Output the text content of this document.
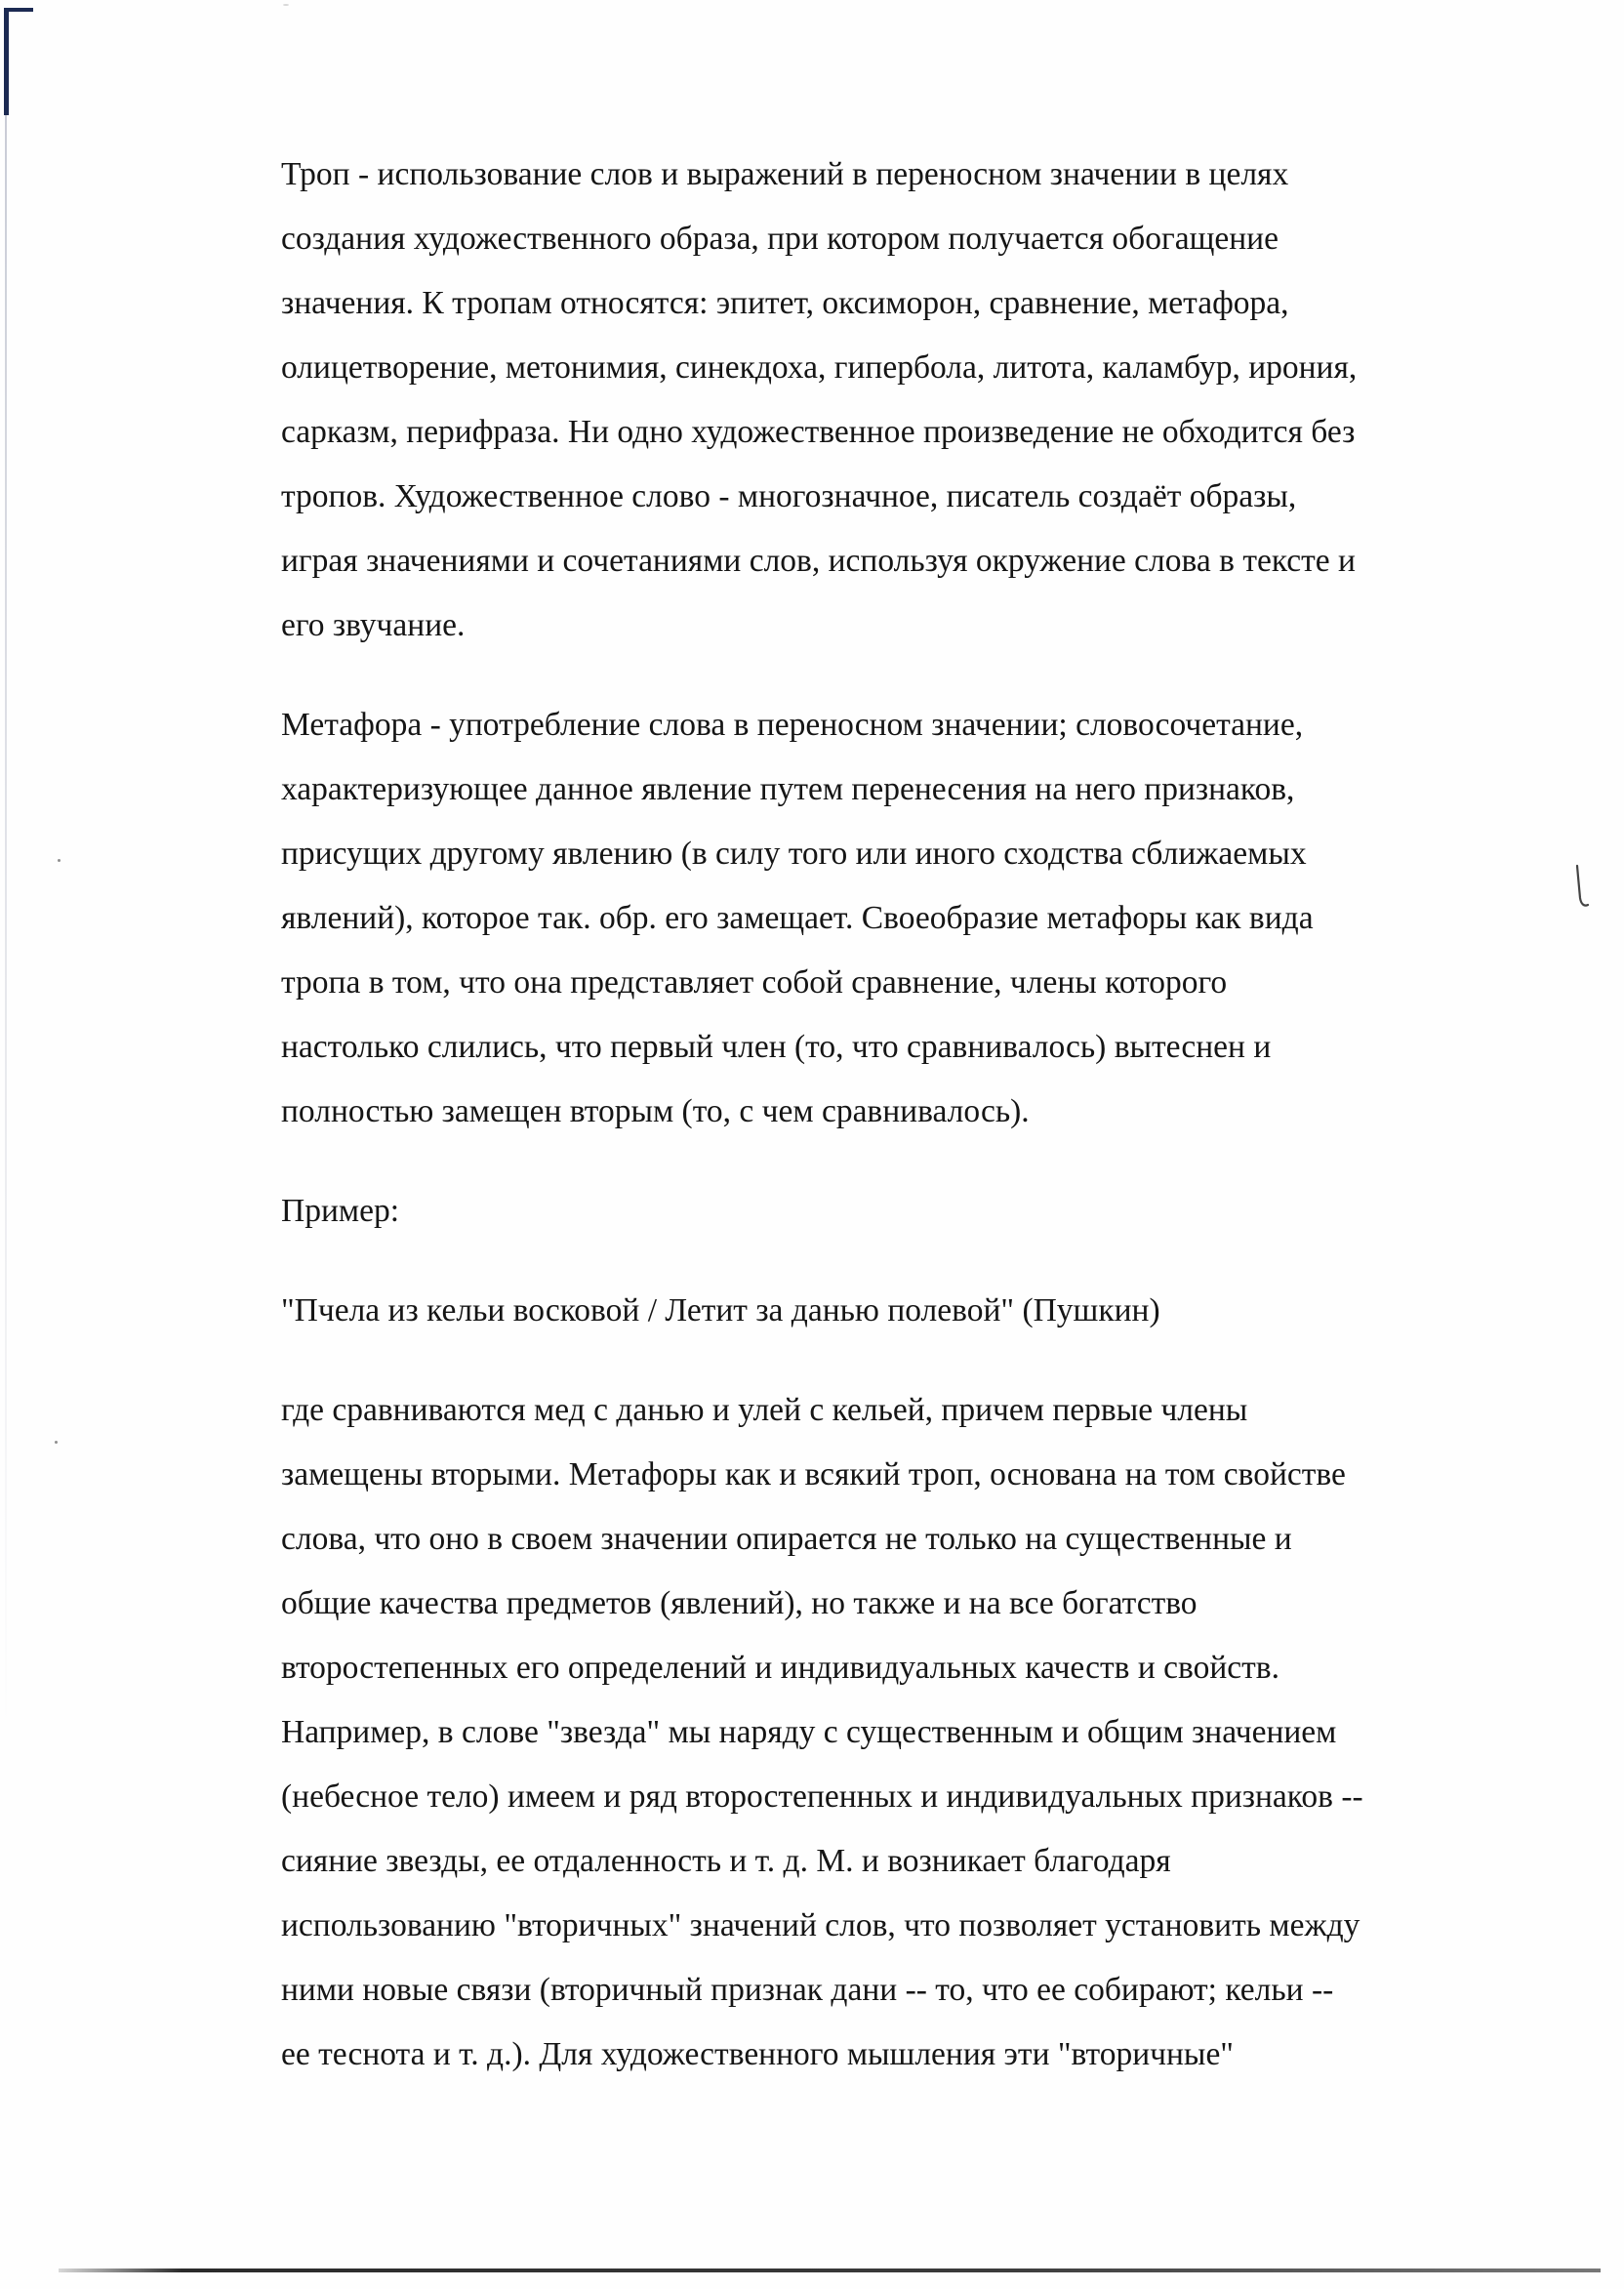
Троп - использование слов и выражений в переносном значении в целях
создания художественного образа, при котором получается обогащение
значения. К тропам относятся: эпитет, оксиморон, сравнение, метафора,
олицетворение, метонимия, синекдоха, гипербола, литота, каламбур, ирония,
сарказм, перифраза. Ни одно художественное произведение не обходится без
тропов. Художественное слово - многозначное, писатель создаёт образы,
играя значениями и сочетаниями слов, используя окружение слова в тексте и
его звучание.

Метафора - употребление слова в переносном значении; словосочетание,
характеризующее данное явление путем перенесения на него признаков,
присущих другому явлению (в силу того или иного сходства сближаемых
явлений), которое так. обр. его замещает. Своеобразие метафоры как вида
тропа в том, что она представляет собой сравнение, члены которого
настолько слились, что первый член (то, что сравнивалось) вытеснен и
полностью замещен вторым (то, с чем сравнивалось).

Пример:

"Пчела из кельи восковой / Летит за данью полевой" (Пушкин)

где сравниваются мед с данью и улей с кельей, причем первые члены
замещены вторыми. Метафоры как и всякий троп, основана на том свойстве
слова, что оно в своем значении опирается не только на существенные и
общие качества предметов (явлений), но также и на все богатство
второстепенных его определений и индивидуальных качеств и свойств.
Например, в слове "звезда" мы наряду с существенным и общим значением
(небесное тело) имеем и ряд второстепенных и индивидуальных признаков --
сияние звезды, ее отдаленность и т. д. М. и возникает благодаря
использованию "вторичных" значений слов, что позволяет установить между
ними новые связи (вторичный признак дани -- то, что ее собирают; кельи --
ее теснота и т. д.). Для художественного мышления эти "вторичные"
